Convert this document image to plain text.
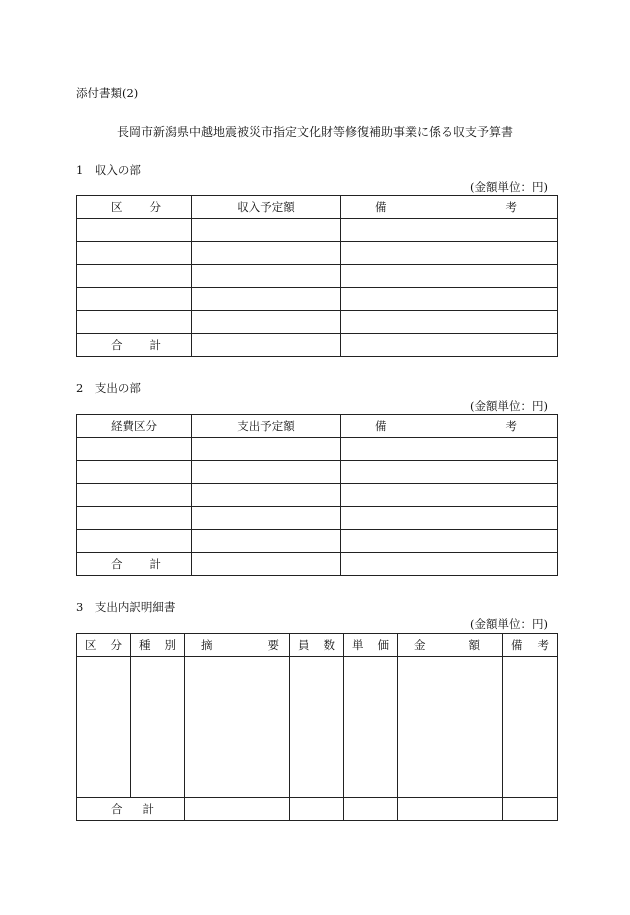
添付書類(2)
長岡市新潟県中越地震被災市指定文化財等修復補助事業に係る収支予算書
1　収入の部
(金額単位：円)
区 分	収入予定額	備 考

合 計		

2　支出の部
(金額単位：円)
経費区分	支出予定額	備 考

合 計		

3　支出内訳明細書
(金額単位：円)
区 分	種 別	摘 要	員 数	単 価	金 額	備 考

合 計						
